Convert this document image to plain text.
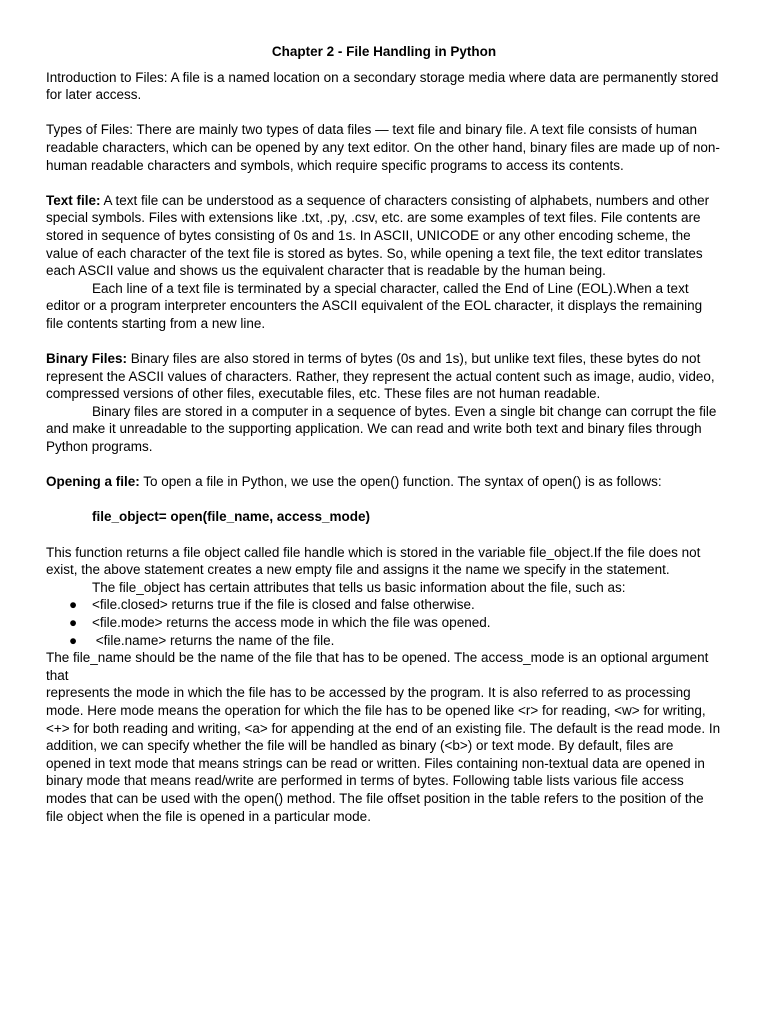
Chapter 2 - File Handling in Python

Introduction to Files: A file is a named location on a secondary storage media where data are permanently stored for later access.

Types of Files: There are mainly two types of data files — text file and binary file. A text file consists of human readable characters, which can be opened by any text editor. On the other hand, binary files are made up of non-human readable characters and symbols, which require specific programs to access its contents.

Text file: A text file can be understood as a sequence of characters consisting of alphabets, numbers and other special symbols. Files with extensions like .txt, .py, .csv, etc. are some examples of text files. File contents are stored in sequence of bytes consisting of 0s and 1s. In ASCII, UNICODE or any other encoding scheme, the value of each character of the text file is stored as bytes. So, while opening a text file, the text editor translates each ASCII value and shows us the equivalent character that is readable by the human being.

Each line of a text file is terminated by a special character, called the End of Line (EOL).When a text editor or a program interpreter encounters the ASCII equivalent of the EOL character, it displays the remaining file contents starting from a new line.

Binary Files: Binary files are also stored in terms of bytes (0s and 1s), but unlike text files, these bytes do not represent the ASCII values of characters. Rather, they represent the actual content such as image, audio, video, compressed versions of other files, executable files, etc. These files are not human readable.

Binary files are stored in a computer in a sequence of bytes. Even a single bit change can corrupt the file and make it unreadable to the supporting application. We can read and write both text and binary files through Python programs.

Opening a file: To open a file in Python, we use the open() function. The syntax of open() is as follows:

file_object= open(file_name, access_mode)

This function returns a file object called file handle which is stored in the variable file_object.If the file does not exist, the above statement creates a new empty file and assigns it the name we specify in the statement.

The file_object has certain attributes that tells us basic information about the file, such as:

● <file.closed> returns true if the file is closed and false otherwise.
● <file.mode> returns the access mode in which the file was opened.
● <file.name> returns the name of the file.

The file_name should be the name of the file that has to be opened. The access_mode is an optional argument that

represents the mode in which the file has to be accessed by the program. It is also referred to as processing mode. Here mode means the operation for which the file has to be opened like <r> for reading, <w> for writing, <+> for both reading and writing, <a> for appending at the end of an existing file. The default is the read mode. In addition, we can specify whether the file will be handled as binary (<b>) or text mode. By default, files are opened in text mode that means strings can be read or written. Files containing non-textual data are opened in binary mode that means read/write are performed in terms of bytes. Following table lists various file access modes that can be used with the open() method. The file offset position in the table refers to the position of the file object when the file is opened in a particular mode.
